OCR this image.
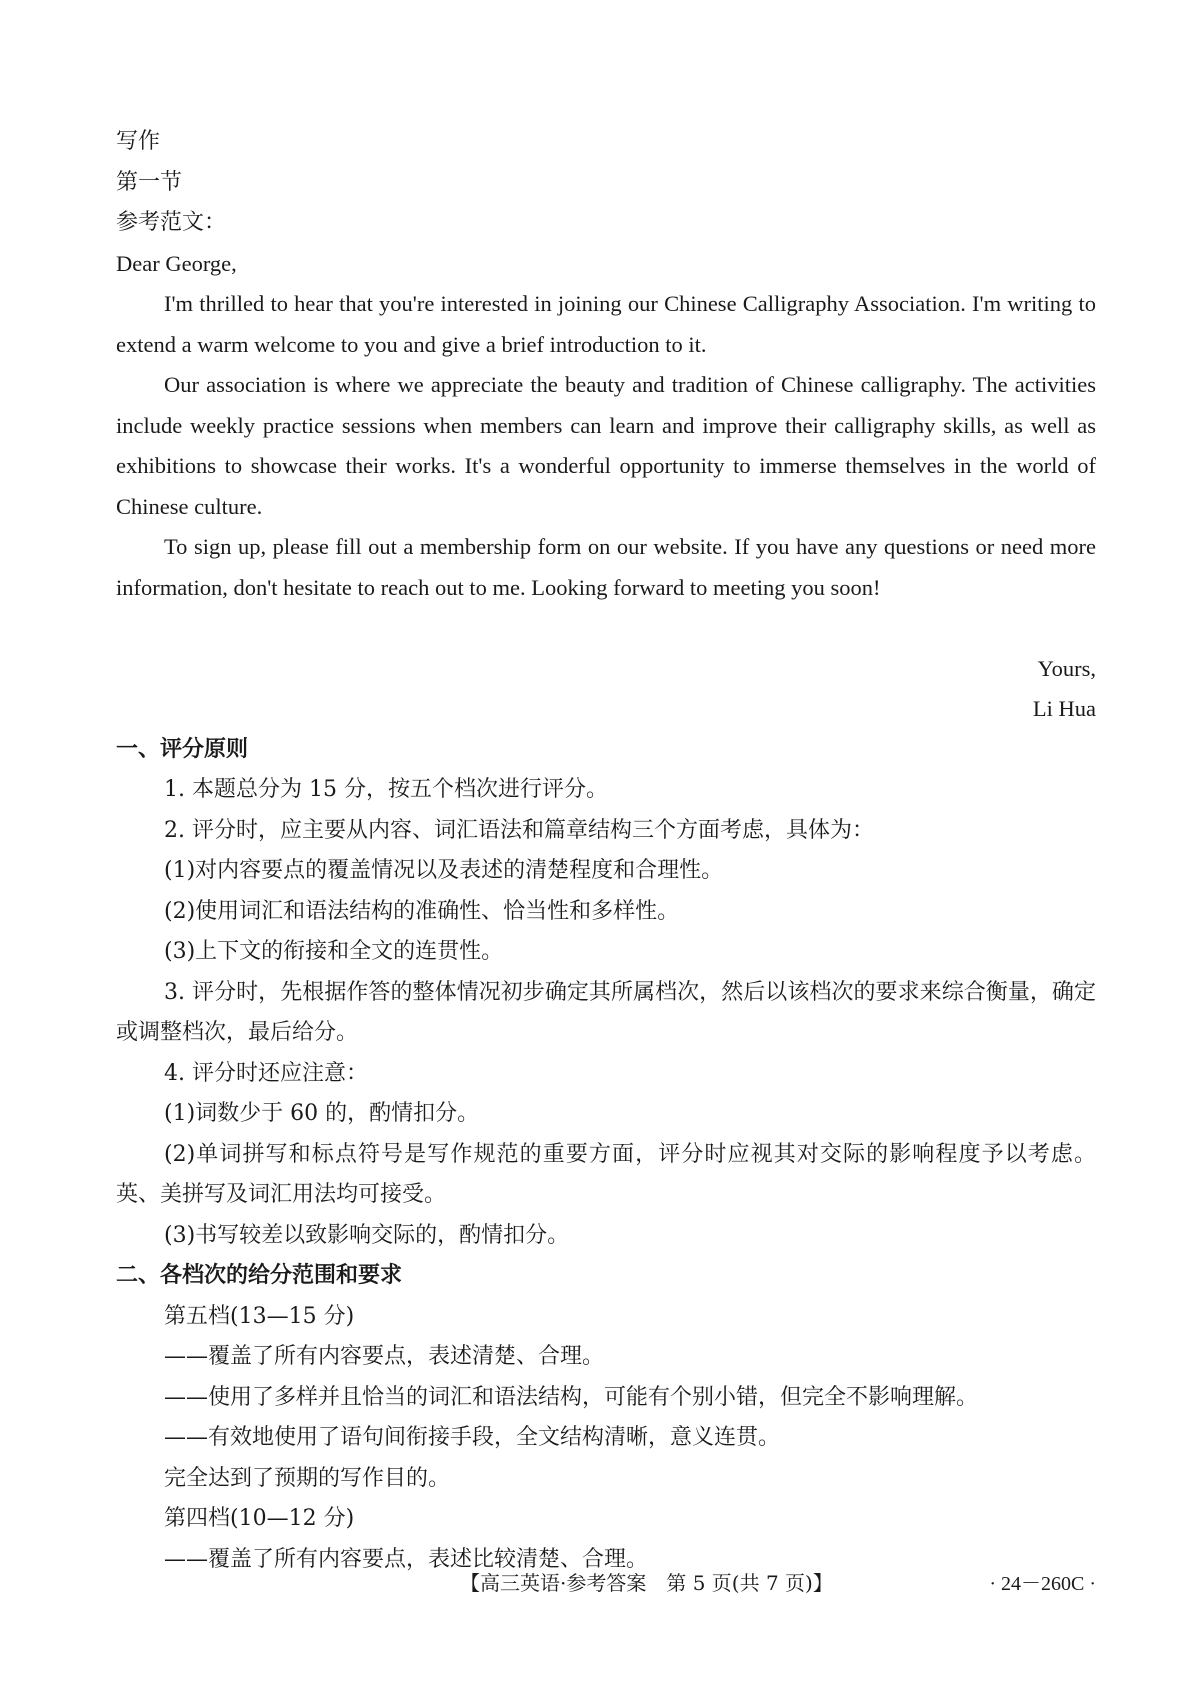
写作
第一节
参考范文：
Dear George,
I'm thrilled to hear that you're interested in joining our Chinese Calligraphy Association. I'm writing to extend a warm welcome to you and give a brief introduction to it.
Our association is where we appreciate the beauty and tradition of Chinese calligraphy. The activities include weekly practice sessions when members can learn and improve their calligraphy skills, as well as exhibitions to showcase their works. It's a wonderful opportunity to immerse themselves in the world of Chinese culture.
To sign up, please fill out a membership form on our website. If you have any questions or need more information, don't hesitate to reach out to me. Looking forward to meeting you soon!
Yours,
Li Hua
一、评分原则
1. 本题总分为 15 分，按五个档次进行评分。
2. 评分时，应主要从内容、词汇语法和篇章结构三个方面考虑，具体为：
(1)对内容要点的覆盖情况以及表述的清楚程度和合理性。
(2)使用词汇和语法结构的准确性、恰当性和多样性。
(3)上下文的衔接和全文的连贯性。
3. 评分时，先根据作答的整体情况初步确定其所属档次，然后以该档次的要求来综合衡量，确定或调整档次，最后给分。
4. 评分时还应注意：
(1)词数少于 60 的，酌情扣分。
(2)单词拼写和标点符号是写作规范的重要方面，评分时应视其对交际的影响程度予以考虑。英、美拼写及词汇用法均可接受。
(3)书写较差以致影响交际的，酌情扣分。
二、各档次的给分范围和要求
第五档(13—15 分)
——覆盖了所有内容要点，表述清楚、合理。
——使用了多样并且恰当的词汇和语法结构，可能有个别小错，但完全不影响理解。
——有效地使用了语句间衔接手段，全文结构清晰，意义连贯。
完全达到了预期的写作目的。
第四档(10—12 分)
——覆盖了所有内容要点，表述比较清楚、合理。
【高三英语·参考答案　第 5 页(共 7 页)】	· 24－260C ·
